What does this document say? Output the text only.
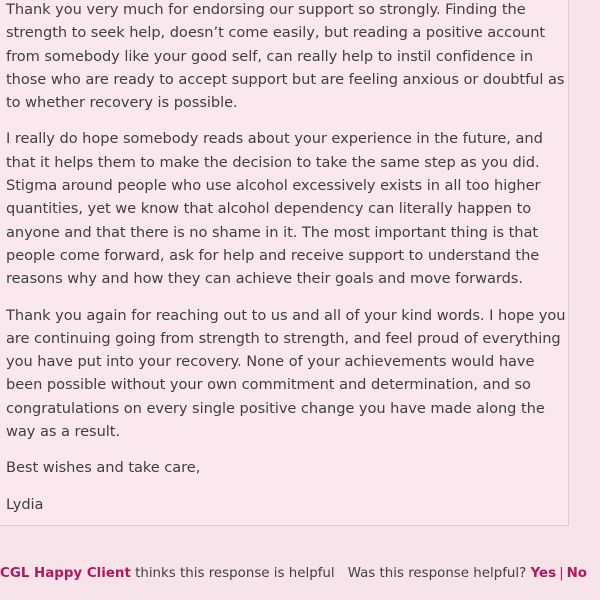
Thank you very much for endorsing our support so strongly. Finding the strength to seek help, doesn’t come easily, but reading a positive account from somebody like your good self, can really help to instil confidence in those who are ready to accept support but are feeling anxious or doubtful as to whether recovery is possible.

I really do hope somebody reads about your experience in the future, and that it helps them to make the decision to take the same step as you did. Stigma around people who use alcohol excessively exists in all too higher quantities, yet we know that alcohol dependency can literally happen to anyone and that there is no shame in it. The most important thing is that people come forward, ask for help and receive support to understand the reasons why and how they can achieve their goals and move forwards.

Thank you again for reaching out to us and all of your kind words. I hope you are continuing going from strength to strength, and feel proud of everything you have put into your recovery. None of your achievements would have been possible without your own commitment and determination, and so congratulations on every single positive change you have made along the way as a result.

Best wishes and take care,

Lydia

CGL Happy Client thinks this response is helpful Was this response helpful? Yes | No
